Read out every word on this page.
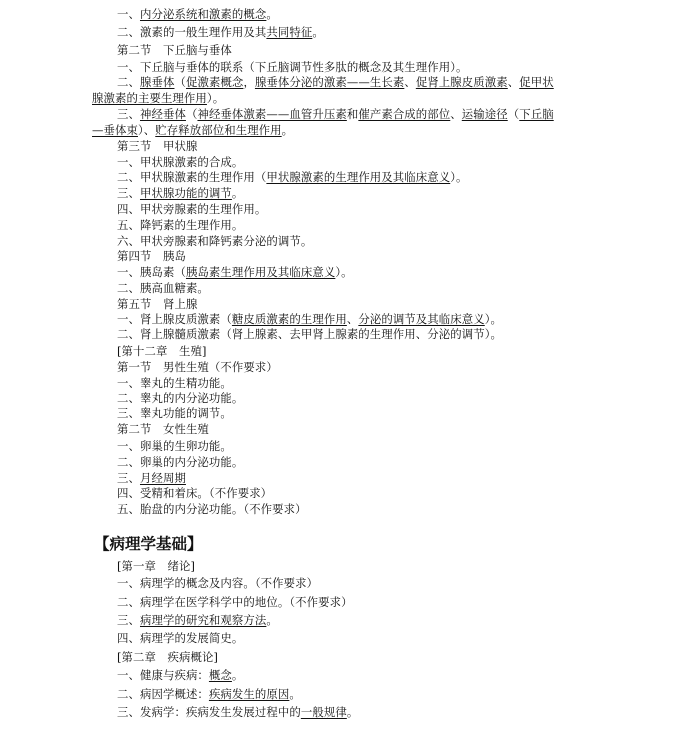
一、内分泌系统和激素的概念。

二、激素的一般生理作用及其共同特征。

第二节　下丘脑与垂体

一、下丘脑与垂体的联系（下丘脑调节性多肽的概念及其生理作用）。

二、腺垂体（促激素概念，腺垂体分泌的激素——生长素、促肾上腺皮质激素、促甲状

腺激素的主要生理作用）。

三、神经垂体（神经垂体激素——血管升压素和催产素合成的部位、运输途径（下丘脑

—垂体束）、贮存释放部位和生理作用。

第三节　甲状腺

一、甲状腺激素的合成。

二、甲状腺激素的生理作用（甲状腺激素的生理作用及其临床意义）。

三、甲状腺功能的调节。

四、甲状旁腺素的生理作用。

五、降钙素的生理作用。

六、甲状旁腺素和降钙素分泌的调节。

第四节　胰岛

一、胰岛素（胰岛素生理作用及其临床意义）。

二、胰高血糖素。

第五节　肾上腺

一、肾上腺皮质激素（糖皮质激素的生理作用、分泌的调节及其临床意义）。

二、肾上腺髓质激素（肾上腺素、去甲肾上腺素的生理作用、分泌的调节）。

[第十二章　生殖]

第一节　男性生殖（不作要求）

一、睾丸的生精功能。

二、睾丸的内分泌功能。

三、睾丸功能的调节。

第二节　女性生殖

一、卵巢的生卵功能。

二、卵巢的内分泌功能。

三、月经周期

四、受精和着床。（不作要求）

五、胎盘的内分泌功能。（不作要求）

【病理学基础】

[第一章　绪论]

一、病理学的概念及内容。（不作要求）

二、病理学在医学科学中的地位。（不作要求）

三、病理学的研究和观察方法。

四、病理学的发展简史。

[第二章　疾病概论]

一、健康与疾病：概念。

二、病因学概述：疾病发生的原因。

三、发病学：疾病发生发展过程中的一般规律。
